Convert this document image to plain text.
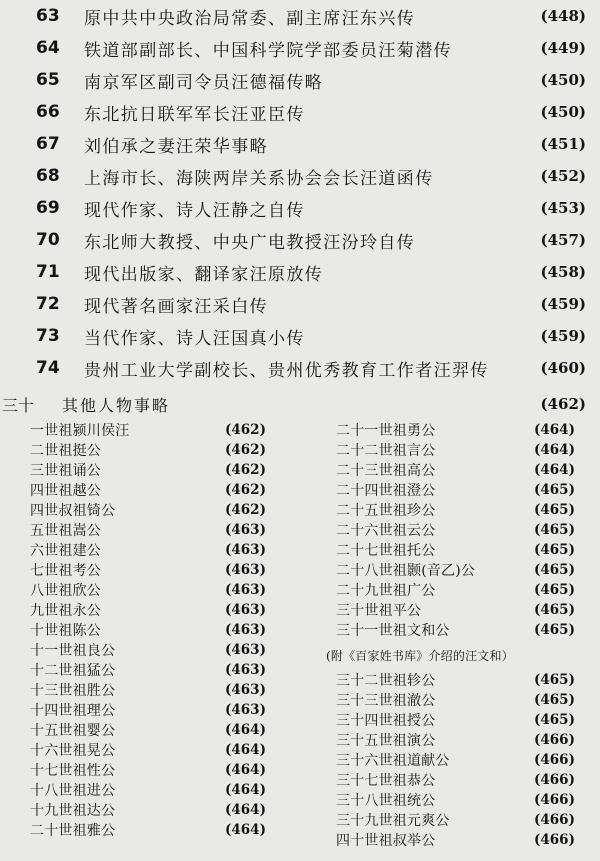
63	原中共中央政治局常委、副主席汪东兴传	(448)
64	铁道部副部长、中国科学院学部委员汪菊潜传	(449)
65	南京军区副司令员汪德福传略	(450)
66	东北抗日联军军长汪亚臣传	(450)
67	刘伯承之妻汪荣华事略	(451)
68	上海市长、海陕两岸关系协会会长汪道函传	(452)
69	现代作家、诗人汪静之自传	(453)
70	东北师大教授、中央广电教授汪汾玲自传	(457)
71	现代出版家、翻译家汪原放传	(458)
72	现代著名画家汪采白传	(459)
73	当代作家、诗人汪国真小传	(459)
74	贵州工业大学副校长、贵州优秀教育工作者汪羿传	(460)
三十 其他人物事略	(462)
一世祖颍川侯汪	(462)
二世祖挺公	(462)
三世祖诵公	(462)
四世祖越公	(462)
四世叔祖锜公	(462)
五世祖嵩公	(463)
六世祖建公	(463)
七世祖考公	(463)
八世祖欣公	(463)
九世祖永公	(463)
十世祖陈公	(463)
十一世祖良公	(463)
十二世祖猛公	(463)
十三世祖胜公	(463)
十四世祖理公	(463)
十五世祖婴公	(464)
十六世祖晃公	(464)
十七世祖性公	(464)
十八世祖进公	(464)
十九世祖达公	(464)
二十世祖雅公	(464)
二十一世祖勇公	(464)
二十二世祖言公	(464)
二十三世祖高公	(464)
二十四世祖澄公	(465)
二十五世祖珍公	(465)
二十六世祖云公	(465)
二十七世祖托公	(465)
二十八世祖颢(音乙)公	(465)
二十九世祖广公	(465)
三十世祖平公	(465)
三十一世祖文和公	(465)
(附《百家姓书库》介绍的汪文和）
三十二世祖轸公	(465)
三十三世祖澈公	(465)
三十四世祖授公	(465)
三十五世祖演公	(466)
三十六世祖道献公	(466)
三十七世祖恭公	(466)
三十八世祖统公	(466)
三十九世祖元爽公	(466)
四十世祖叔举公	(466)
